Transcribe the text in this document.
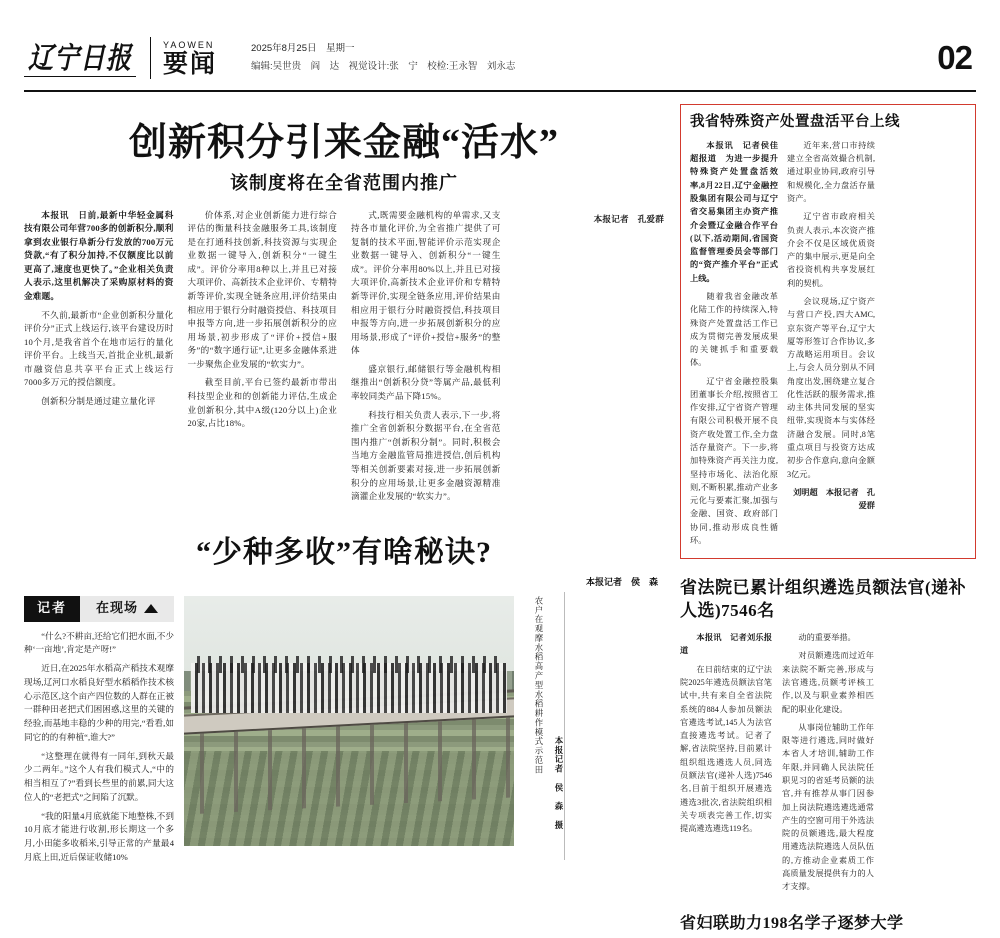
辽宁日报	YAOWEN
要闻
2025年8月25日　星期一
编辑:吴世贵　阎　达　视觉设计:张　宁　校检:王永智　刘永志	02
创新积分引来金融“活水”
该制度将在全省范围内推广

本报讯　日前,最新中华轻金属科技有限公司年营700多的创新积分,顺利拿到农业银行阜新分行发放的700万元贷款,“有了积分加持,不仅额度比以前更高了,速度也更快了。”企业相关负责人表示,这里机解决了采购原材料的资金难题。

不久前,最新市“企业创新积分量化评价分”正式上线运行,该平台建设历时10个月,是我省首个在地市运行的量化评价平台。上线当天,首批企业机,最新市融资信息共享平台正式上线运行7000多万元的授信额度。

创新积分制是通过建立量化评

价体系,对企业创新能力进行综合评估的衡量科技金融服务工具,该制度是在打通科技创新,科技资源与实现企业数据一键导入,创新积分“一键生成”。评价分率用8种以上,并且已对接大项评价、高新技术企业评价、专精特新等评价,实现全链条应用,评价结果由相应用于银行分时融资授信、科技项目申报等方向,进一步拓展创新积分的应用场景,初步形成了“评价+授信+服务”的“数字通行证”,让更多金融体系进一步聚焦企业发展的“软实力”。

截至目前,平台已签约最新市带出科技型企业和的创新能力评估,生成企业创新积分,其中A级(120分以上)企业20家,占比18%。

式,既需要金融机构的单需求,又支持各市量化评价,为全省推广提供了可复制的技术平面,智能评价示范实现企业数据一键导入、创新积分“一键生成”。评价分率用80%以上,并且已对接大项评价,高新技术企业评价和专精特新等评价,实现全链条应用,评价结果由相应用于银行分时融资授信,科技项目申报等方向,进一步拓展创新积分的应用场景,形成了“评价+授信+服务”的整体

盛京银行,邮储银行等金融机构相继推出“创新积分贷”等属产品,最低利率较同类产品下降15%。

科技行相关负责人表示,下一步,将推广全省创新积分数据平台,在全省范围内推广“创新积分制”。同时,积极会当地方金融监管局推进授信,创后机构等相关创新要素对接,进一步拓展创新积分的应用场景,让更多金融资源精准滴灌企业发展的“软实力”。

本报记者　孔爱群
“少种多收”有啥秘诀?
本报记者　侯　森
记者	在现场

“什么?不耕亩,还给它们把水面,不少种‘一亩地’,肯定是产呀!”

近日,在2025年水稻高产稻技术观摩现场,辽河口水稻良好型水稻稻作技术核心示范区,这个亩产四位数的人群在正被一群种田老把式们困困惑,这里的关键的经验,而基地丰稳的少种的用完,“看看,如同它的的有种植“,谁大?”

“这整理在就得有一同年,到秋天最少二两年。”这个人有我们模式人,“中的相当相互了?”看到长些里的前累,同大这位人的“老把式”之间陷了沉默。

“我的阳量4月底就能下地整株,不到10月底才能进行收割,形长期这一个多月,小田能多收稻米,引导正常的产量最4月底上田,近后保证收储10%

农户在观摩水稻高产型水稻耕作模式示范田
本报记者　侯　森　摄
我省特殊资产处置盘活平台上线

本报讯　记者侯佳超报道　为进一步提升特殊资产处置盘活效率,8月22日,辽宁金融控股集团有限公司与辽宁省交易集团主办资产推介会暨辽金融合作平台(以下,活动期间,省国资监督管理委员会等部门的“资产推介平台”正式上线。

随着我省金融改革化陆工作的持续深入,特殊资产处置盘活工作已成为贯彻完善发展成果的关键抓手和重要载体。

辽宁省金融控股集团董事长介绍,按照省工作安排,辽宁省资产管理有限公司积极开展不良资产收处置工作,全力盘活存量资产。下一步,将加特殊资产再关注力度,坚持市场化、法治化原则,不断积累,推动产业多元化与要素汇聚,加强与金融、国资、政府部门协同,推动形成良性循环。

近年来,营口市持续建立全省高效撮合机制,通过职业协同,政府引导和规模化,全力盘活存量资产。

辽宁省市政府相关负责人表示,本次资产推介会不仅是区域优质资产的集中展示,更是向全省投资机构共享发展红利的契机。

会议现场,辽宁资产与营口产投,四大AMC,京东资产等平台,辽宁大厦等形签订合作协议,多方战略运用项目。会议上,与会人员分别从不同角度出发,围绕建立复合化性活跃的服务需求,推动主体共同发展的坚实纽带,实现资本与实体经济融合发展。同时,8笔重点项目与投资方达成初步合作意向,意向金额3亿元。

刘明超　本报记者　孔爱群
省法院已累计组织遴选员额法官(递补人选)7546名

本报讯　记者刘乐报道

在日前结束的辽宁法院2025年遴选员额法官笔试中,共有来自全省法院系统的884人参加员额法官遴选考试,145人为法官直接遴选考试。记者了解,省法院坚持,目前累计组织组选遴选人员,同选员额法官(递补人选)7546名,目前于组织开展遴选遴选3批次,省法院组织相关专项表完善工作,切实提高遴选遴选119名。

动的重要举措。

对员额遴选而过近年来法院不断完善,形成与法官遴选,员额考评核工作,以及与职业素养相匹配的职业化建设。

从事岗位辅助工作年限等进行遴选,同时做好本省人才培训,辅助工作年限,并同确人民法院任职见习的省延考员额的法官,并有推荐从事门因参加上岗法院遴选遴选通常产生的空窗可用于外选法院的员额遴选,最大程度用遴选法院遴选人员队伍的,方推动企业素质工作高质量发展提供有力的人才支撑。

省妇联助力198名学子逐梦大学
